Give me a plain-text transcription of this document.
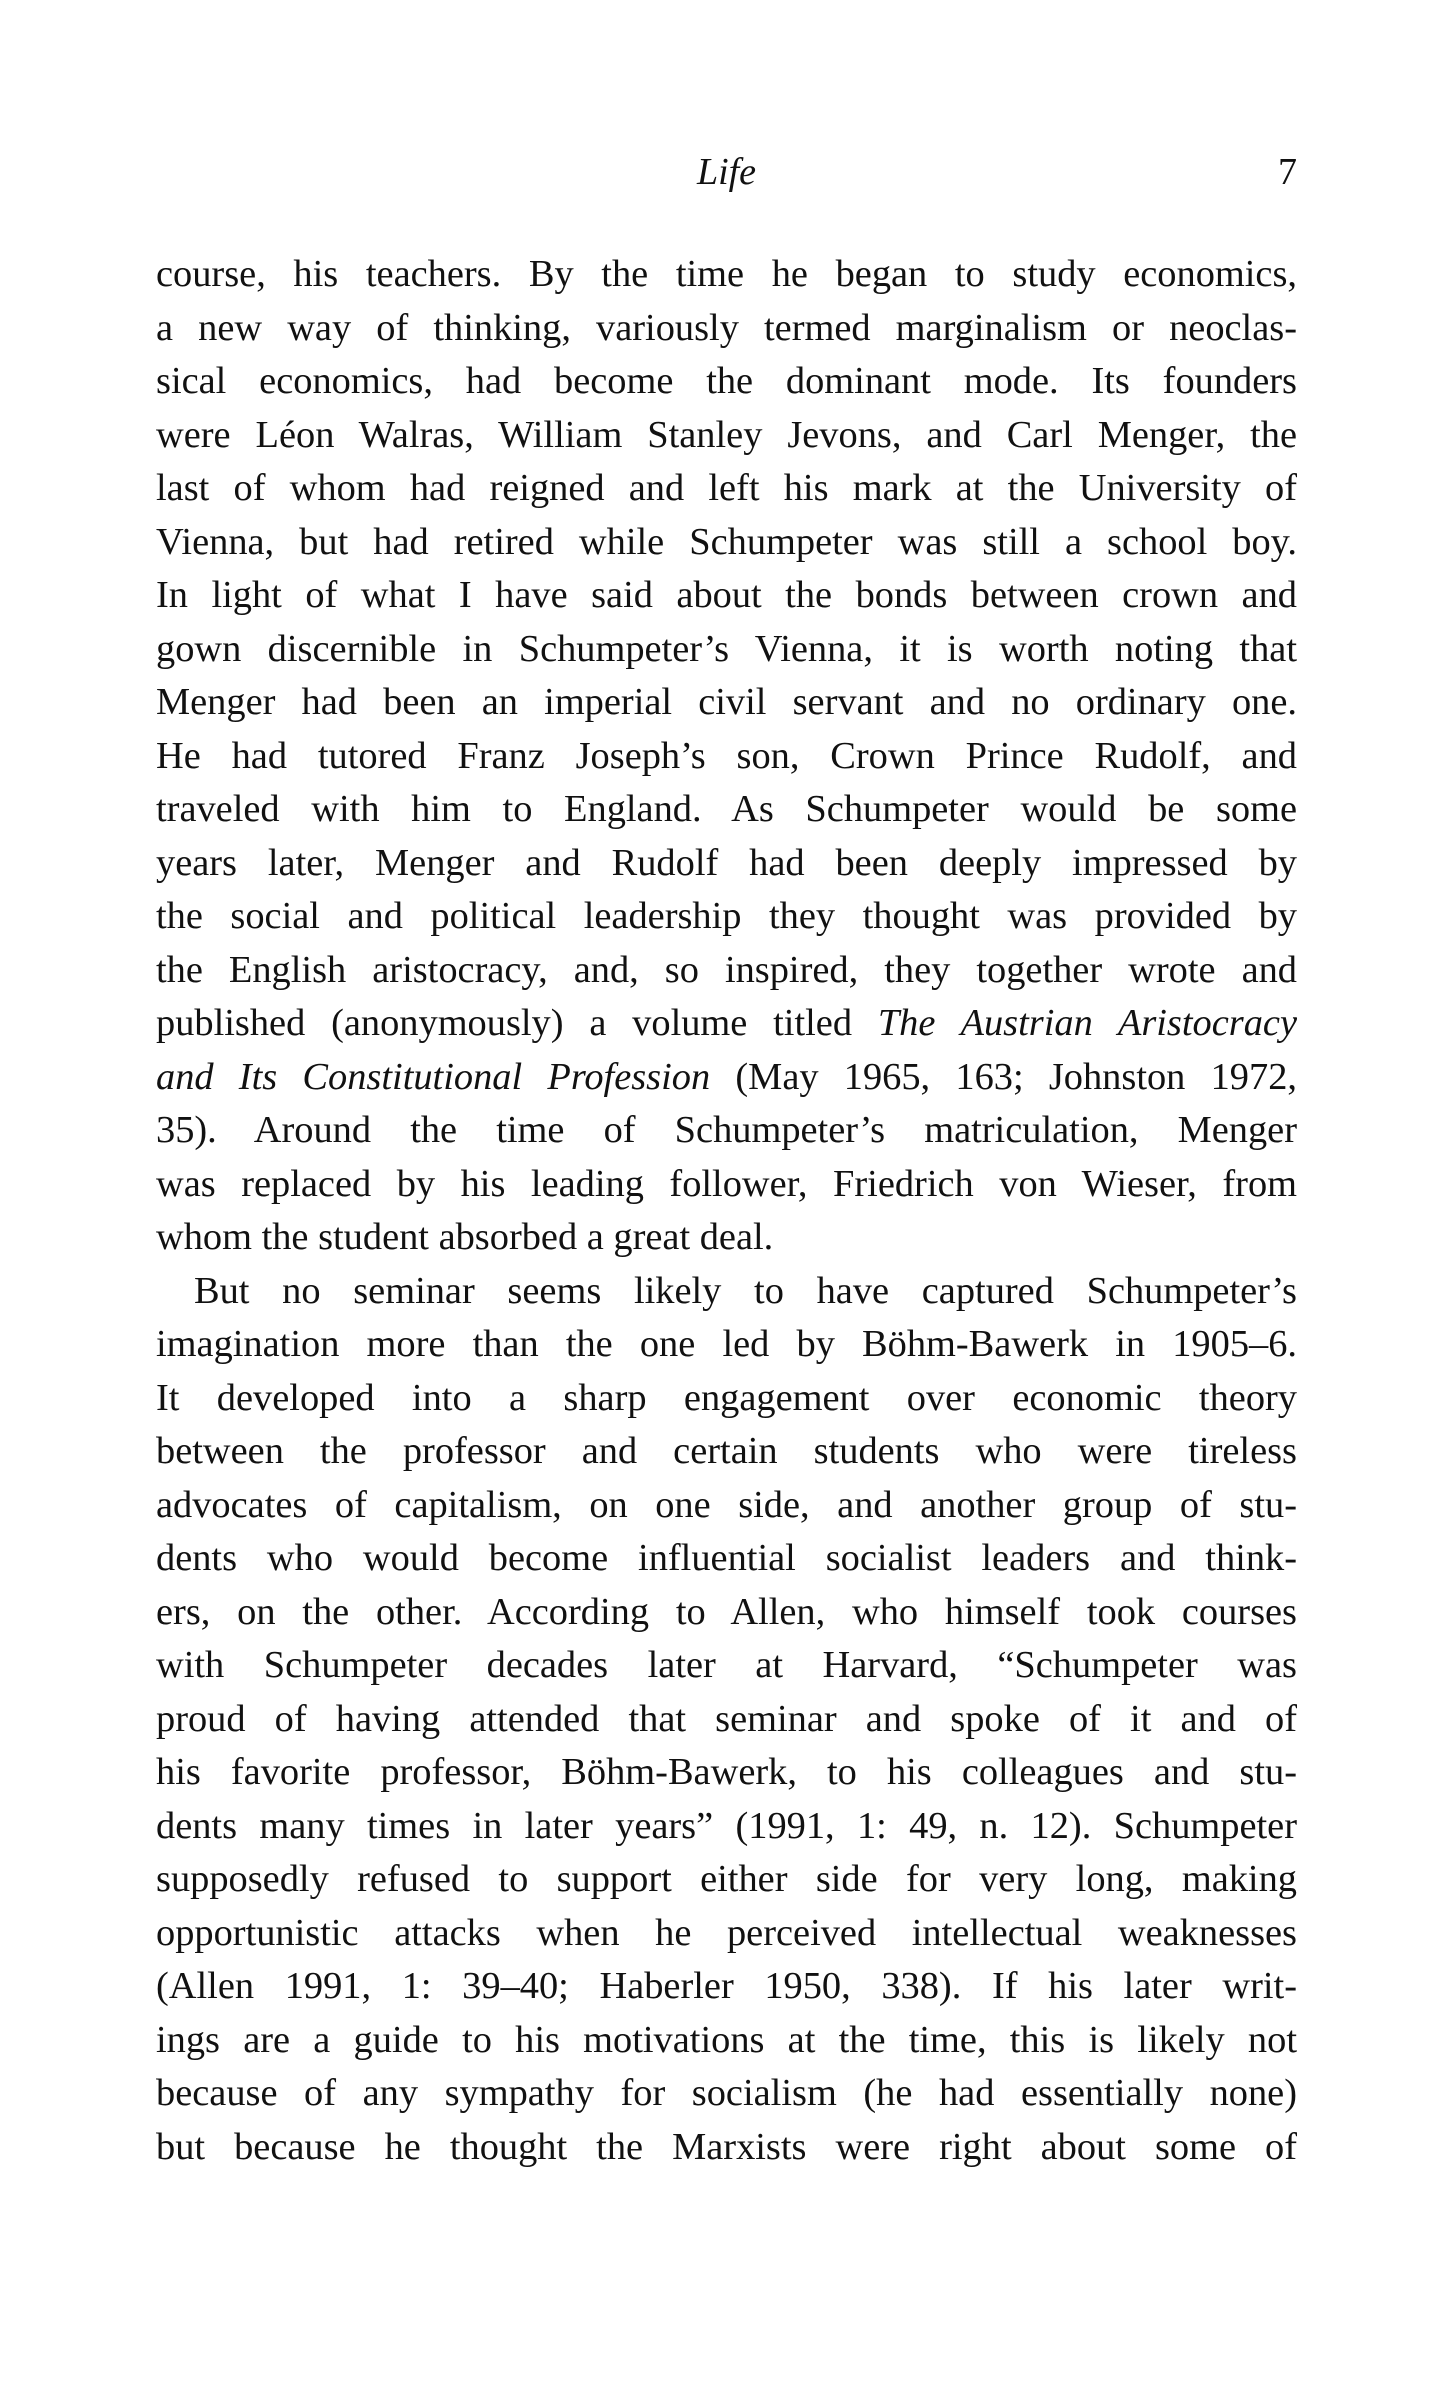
Life	7
course, his teachers. By the time he began to study economics,
a new way of thinking, variously termed marginalism or neoclas-
sical economics, had become the dominant mode. Its founders
were Léon Walras, William Stanley Jevons, and Carl Menger, the
last of whom had reigned and left his mark at the University of
Vienna, but had retired while Schumpeter was still a school boy.
In light of what I have said about the bonds between crown and
gown discernible in Schumpeter’s Vienna, it is worth noting that
Menger had been an imperial civil servant and no ordinary one.
He had tutored Franz Joseph’s son, Crown Prince Rudolf, and
traveled with him to England. As Schumpeter would be some
years later, Menger and Rudolf had been deeply impressed by
the social and political leadership they thought was provided by
the English aristocracy, and, so inspired, they together wrote and
published (anonymously) a volume titled The Austrian Aristocracy
and Its Constitutional Profession (May 1965, 163; Johnston 1972,
35). Around the time of Schumpeter’s matriculation, Menger
was replaced by his leading follower, Friedrich von Wieser, from
whom the student absorbed a great deal.
But no seminar seems likely to have captured Schumpeter’s
imagination more than the one led by Böhm-Bawerk in 1905–6.
It developed into a sharp engagement over economic theory
between the professor and certain students who were tireless
advocates of capitalism, on one side, and another group of stu-
dents who would become influential socialist leaders and think-
ers, on the other. According to Allen, who himself took courses
with Schumpeter decades later at Harvard, “Schumpeter was
proud of having attended that seminar and spoke of it and of
his favorite professor, Böhm-Bawerk, to his colleagues and stu-
dents many times in later years” (1991, 1: 49, n. 12). Schumpeter
supposedly refused to support either side for very long, making
opportunistic attacks when he perceived intellectual weaknesses
(Allen 1991, 1: 39–40; Haberler 1950, 338). If his later writ-
ings are a guide to his motivations at the time, this is likely not
because of any sympathy for socialism (he had essentially none)
but because he thought the Marxists were right about some of
